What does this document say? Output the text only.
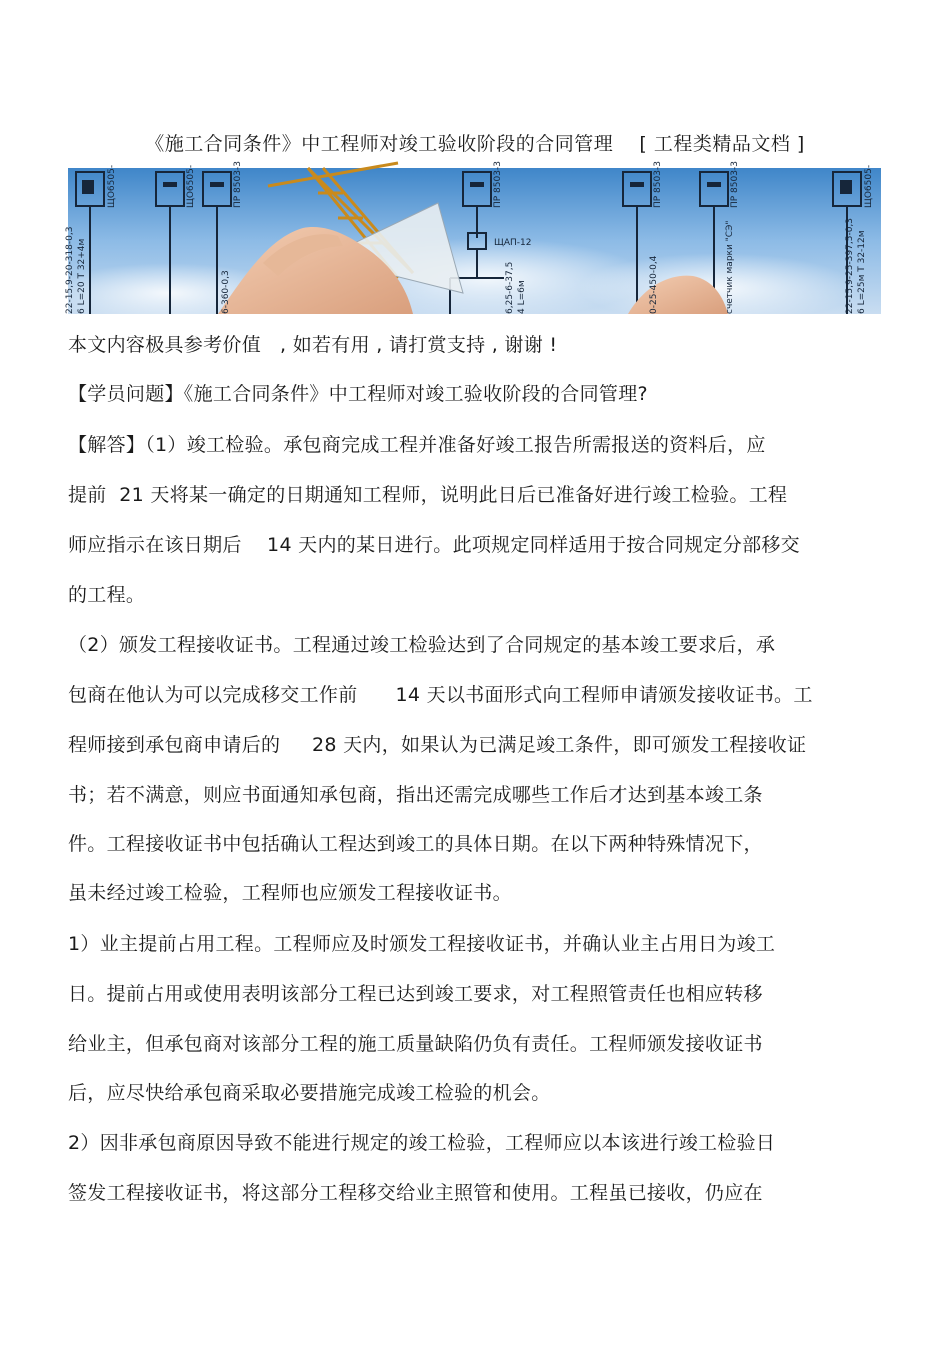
《施工合同条件》中工程师对竣工验收阶段的合同管理    [ 工程类精品文档 ]
ЩО6505-	ЩО6505-	ПР 8503-3	ПР 8503-3	ПР 8503-3
ЩАП-12
ЩО6505-
ПР 8503-3
22-15,9-20-318-0,3 6 L=20 T 32+4м	6-360-0,3	6,25-6-37,5 4 L=6м	0-25-450-0,4	счетчик марки "СЭ"	22-15,9-25-397,5-0,3 6 L=25м T 32-12м
本文内容极具参考价值   , 如若有用 , 请打赏支持 , 谢谢 !
【学员问题】《施工合同条件》中工程师对竣工验收阶段的合同管理?
【解答】（1）竣工检验。承包商完成工程并准备好竣工报告所需报送的资料后，应
提前  21 天将某一确定的日期通知工程师，说明此日后已准备好进行竣工检验。工程
师应指示在该日期后    14 天内的某日进行。此项规定同样适用于按合同规定分部移交
的工程。
（2）颁发工程接收证书。工程通过竣工检验达到了合同规定的基本竣工要求后，承
包商在他认为可以完成移交工作前      14 天以书面形式向工程师申请颁发接收证书。工
程师接到承包商申请后的     28 天内，如果认为已满足竣工条件，即可颁发工程接收证
书；若不满意，则应书面通知承包商，指出还需完成哪些工作后才达到基本竣工条
件。工程接收证书中包括确认工程达到竣工的具体日期。在以下两种特殊情况下，
虽未经过竣工检验，工程师也应颁发工程接收证书。
1）业主提前占用工程。工程师应及时颁发工程接收证书，并确认业主占用日为竣工
日。提前占用或使用表明该部分工程已达到竣工要求，对工程照管责任也相应转移
给业主，但承包商对该部分工程的施工质量缺陷仍负有责任。工程师颁发接收证书
后，应尽快给承包商采取必要措施完成竣工检验的机会。
2）因非承包商原因导致不能进行规定的竣工检验，工程师应以本该进行竣工检验日
签发工程接收证书，将这部分工程移交给业主照管和使用。工程虽已接收，仍应在
